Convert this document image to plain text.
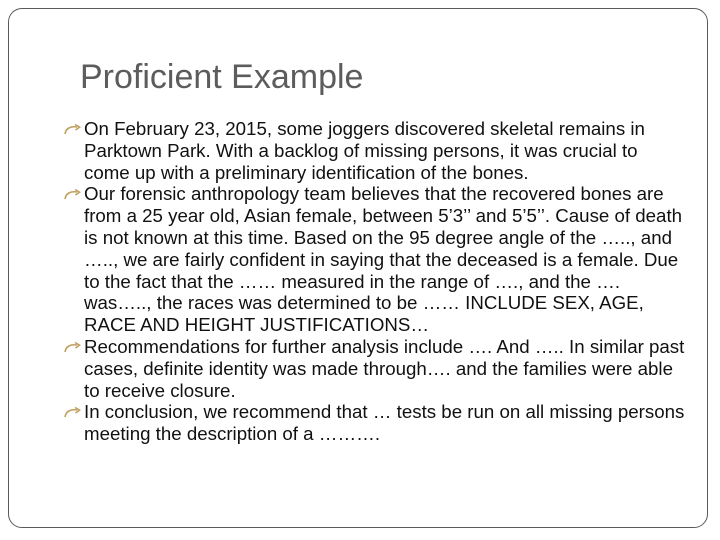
Proficient Example
On February 23, 2015, some joggers discovered skeletal remains in Parktown Park. With a backlog of missing persons, it was crucial to come up with a preliminary identification of the bones.
Our forensic anthropology team believes that the recovered bones are from a 25 year old, Asian female, between 5’3’’ and 5’5’’. Cause of death is not known at this time. Based on the 95 degree angle of the ….., and ….., we are fairly confident in saying that the deceased is a female. Due to the fact that the …… measured in the range of …., and the …. was….., the races was determined to be …… INCLUDE SEX, AGE, RACE AND HEIGHT JUSTIFICATIONS…
Recommendations for further analysis include …. And ….. In similar past cases, definite identity was made through…. and the families were able to receive closure.
In conclusion, we recommend that … tests be run on all missing persons meeting the description of a ……….
